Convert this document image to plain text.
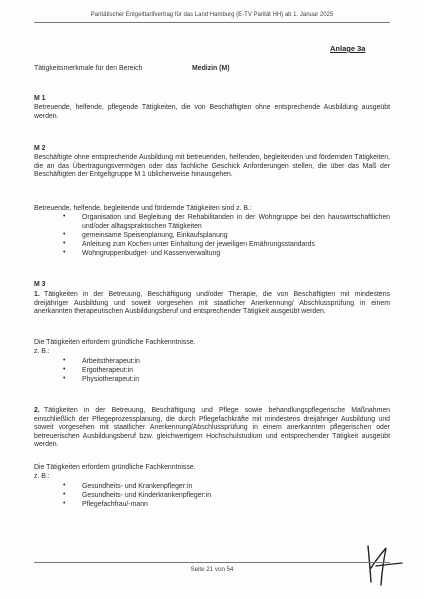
Paritätischer Entgelttarifvertrag für das Land Hamburg (E-TV Parität HH) ab 1. Januar 2025
Anlage 3a
Tätigkeitsmerkmale für den Bereich	Medizin (M)
M 1
Betreuende, helfende, pflegende Tätigkeiten, die von Beschäftigten ohne entsprechende Ausbildung ausgeübt werden.
M 2
Beschäftigte ohne entsprechende Ausbildung mit betreuenden, helfenden, begleitenden und fördernden Tätigkeiten, die an das Übertragungsvermögen oder das fachliche Geschick Anforderungen stellen, die über das Maß der Beschäftigten der Entgeltgruppe M 1 üblicherweise hinausgehen.
Betreuende, helfende, begleitende und fördernde Tätigkeiten sind z. B.:
• Organisation und Begleitung der Rehabilitanden in der Wohngruppe bei den hauswirtschaftlichen und/oder alltagspraktischen Tätigkeiten
• gemeinsame Speisenplanung, Einkaufsplanung
• Anleitung zum Kochen unter Einhaltung der jeweiligen Ernährungsstandards
• Wohngruppenbudget- und Kassenverwaltung
M 3
1. Tätigkeiten in der Betreuung, Beschäftigung und/oder Therapie, die von Beschäftigten mit mindestens dreijähriger Ausbildung und soweit vorgesehen mit staatlicher Anerkennung/ Abschlussprüfung in einem anerkannten therapeutischen Ausbildungsberuf und entsprechender Tätigkeit ausgeübt werden.
Die Tätigkeiten erfordern gründliche Fachkenntnisse.
z. B.:
• Arbeitstherapeut:in
• Ergotherapeut:in
• Physiotherapeut:in
2. Tätigkeiten in der Betreuung, Beschäftigung und Pflege sowie behandlungspflegerische Maßnahmen einschließlich der Pflegeprozessplanung, die durch Pflegefachkräfte mit mindestens dreijähriger Ausbildung und soweit vorgesehen mit staatlicher Anerkennung/Abschlussprüfung in einem anerkannten pflegerischen oder betreuerischen Ausbildungsberuf bzw. gleichwertigem Hochschulstudium und entsprechender Tätigkeit ausgeübt werden.
Die Tätigkeiten erfordern gründliche Fachkenntnisse.
z. B.:
• Gesundheits- und Krankenpfleger:in
• Gesundheits- und Kinderkrankenpfleger:in
• Pflegefachfrau/-mann
Seite 21 von 54
